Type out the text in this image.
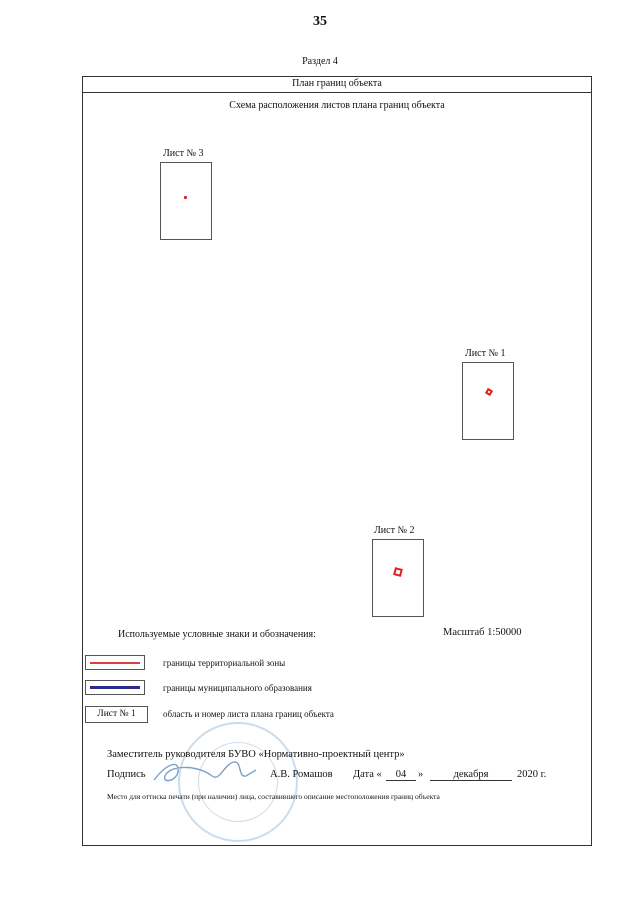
35
Раздел 4
План границ объекта
Схема расположения листов плана границ объекта
Лист № 3
Лист № 1
Лист № 2
Используемые условные знаки и обозначения:	Масштаб 1:50000
границы территориальной зоны
границы муниципального образования
Лист № 1	область и номер листа плана границ объекта
Заместитель руководителя БУВО «Нормативно-проектный центр»
Подпись	А.В. Ромашов Дата «	04	»	декабря	2020 г.
Место для оттиска печати (при наличии) лица, составившего описание местоположения границ объекта
